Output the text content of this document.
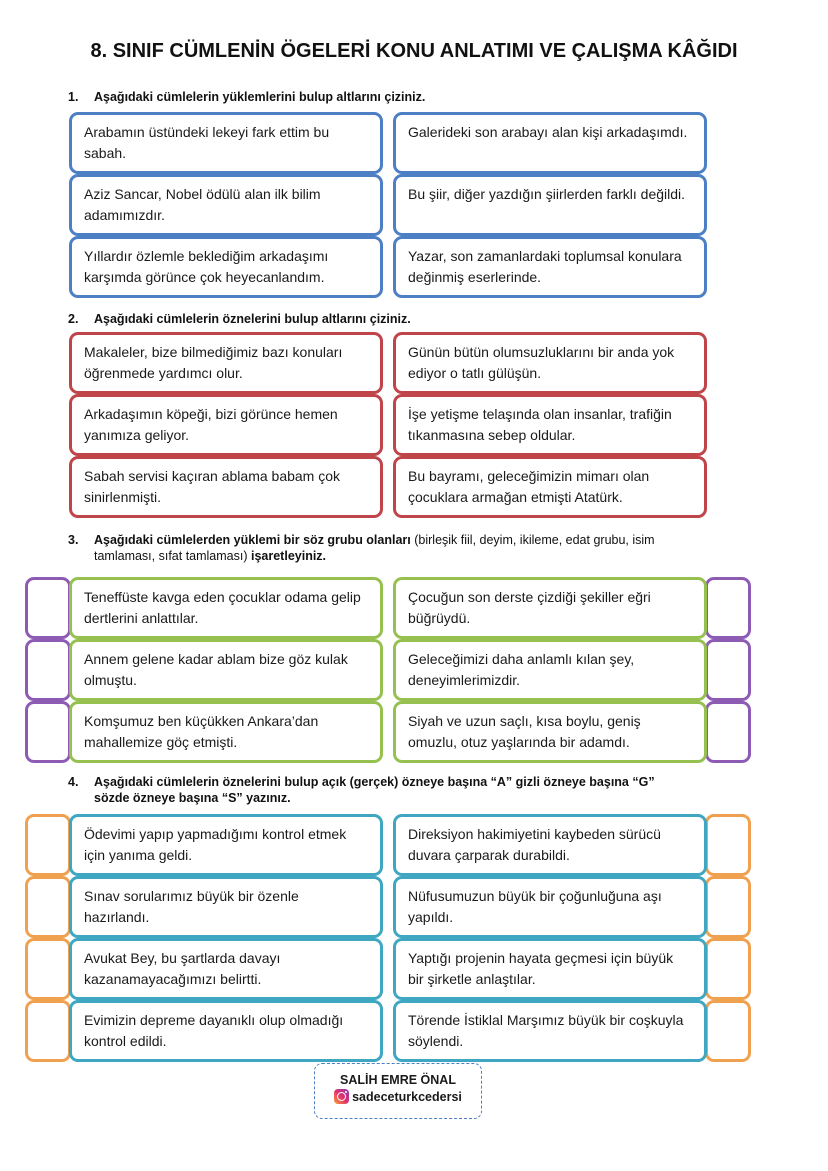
8. SINIF CÜMLENİN ÖGELERİ KONU ANLATIMI VE ÇALIŞMA KÂĞIDI
1. Aşağıdaki cümlelerin yüklemlerini bulup altlarını çiziniz.
Arabamın üstündeki lekeyi fark ettim bu sabah.
Galerideki son arabayı alan kişi arkadaşımdı.
Aziz Sancar, Nobel ödülü alan ilk bilim adamımızdır.
Bu şiir, diğer yazdığın şiirlerden farklı değildi.
Yıllardır özlemle beklediğim arkadaşımı karşımda görünce çok heyecanlandım.
Yazar, son zamanlardaki toplumsal konulara değinmiş eserlerinde.
2. Aşağıdaki cümlelerin öznelerini bulup altlarını çiziniz.
Makaleler, bize bilmediğimiz bazı konuları öğrenmede yardımcı olur.
Günün bütün olumsuzluklarını bir anda yok ediyor o tatlı gülüşün.
Arkadaşımın köpeği, bizi görünce hemen yanımıza geliyor.
İşe yetişme telaşında olan insanlar, trafiğin tıkanmasına sebep oldular.
Sabah servisi kaçıran ablama babam çok sinirlenmişti.
Bu bayramı, geleceğimizin mimarı olan çocuklara armağan etmişti Atatürk.
3. Aşağıdaki cümlelerden yüklemi bir söz grubu olanları (birleşik fiil, deyim, ikileme, edat grubu, isim
tamlaması, sıfat tamlaması) işaretleyiniz.
Teneffüste kavga eden çocuklar odama gelip dertlerini anlattılar.
Çocuğun son derste çizdiği şekiller eğri büğrüydü.
Annem gelene kadar ablam bize göz kulak olmuştu.
Geleceğimizi daha anlamlı kılan şey, deneyimlerimizdir.
Komşumuz ben küçükken Ankara’dan mahallemize göç etmişti.
Siyah ve uzun saçlı, kısa boylu, geniş omuzlu, otuz yaşlarında bir adamdı.
4. Aşağıdaki cümlelerin öznelerini bulup açık (gerçek) özneye başına “A” gizli özneye başına “G”
sözde özneye başına “S” yazınız.
Ödevimi yapıp yapmadığımı kontrol etmek için yanıma geldi.
Direksiyon hakimiyetini kaybeden sürücü duvara çarparak durabildi.
Sınav sorularımız büyük bir özenle hazırlandı.
Nüfusumuzun büyük bir çoğunluğuna aşı yapıldı.
Avukat Bey, bu şartlarda davayı kazanamayacağımızı belirtti.
Yaptığı projenin hayata geçmesi için büyük bir şirketle anlaştılar.
Evimizin depreme dayanıklı olup olmadığı kontrol edildi.
Törende İstiklal Marşımız büyük bir coşkuyla söylendi.
SALİH EMRE ÖNAL
sadeceturkcedersi
